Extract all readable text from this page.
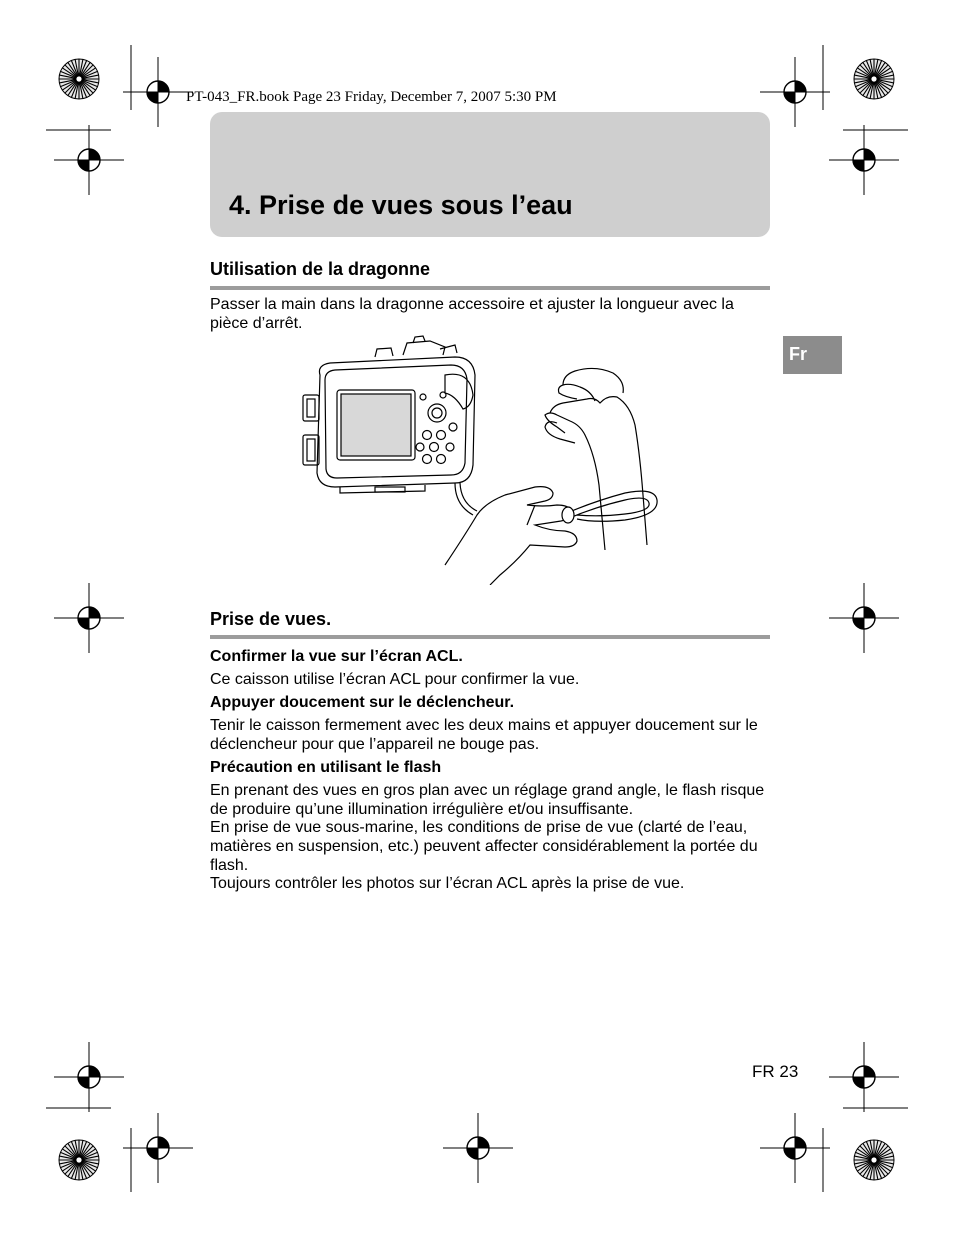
PT-043_FR.book Page 23 Friday, December 7, 2007 5:30 PM
4. Prise de vues sous l’eau
Utilisation de la dragonne
Passer la main dans la dragonne accessoire et ajuster la longueur avec la pièce d’arrêt.
Fr
Prise de vues.
Confirmer la vue sur l’écran ACL.
Ce caisson utilise l’écran ACL pour confirmer la vue.
Appuyer doucement sur le déclencheur.
Tenir le caisson fermement avec les deux mains et appuyer doucement sur le déclencheur pour que l’appareil ne bouge pas.
Précaution en utilisant le flash
En prenant des vues en gros plan avec un réglage grand angle, le flash risque de produire qu’une illumination irrégulière et/ou insuffisante.
En prise de vue sous-marine, les conditions de prise de vue (clarté de l’eau, matières en suspension, etc.) peuvent affecter considérablement la portée du flash.
Toujours contrôler les photos sur l’écran ACL après la prise de vue.
FR 23
